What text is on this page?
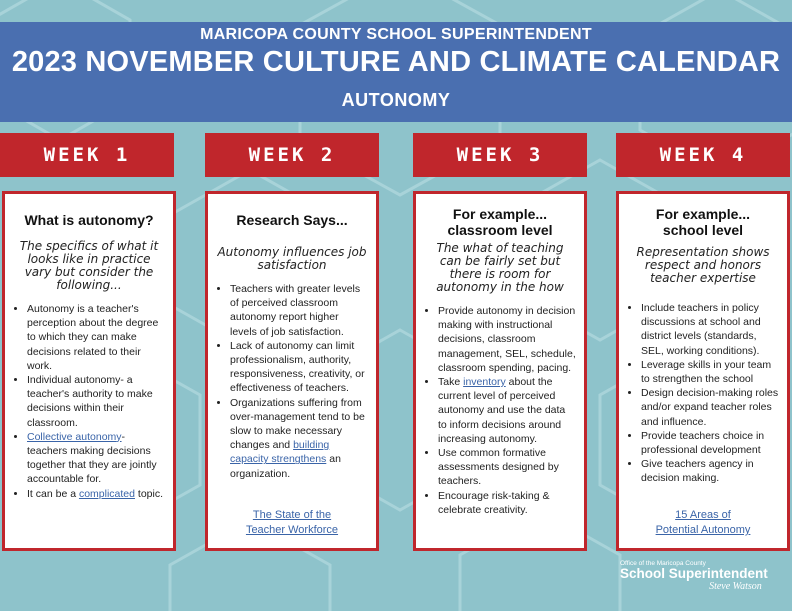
MARICOPA COUNTY SCHOOL SUPERINTENDENT
2023 NOVEMBER CULTURE AND CLIMATE CALENDAR
AUTONOMY
WEEK 1	WEEK 2	WEEK 3	WEEK 4
What is autonomy?
The specifics of what it looks like in practice vary but consider the following...
• Autonomy is a teacher's perception about the degree to which they can make decisions related to their work.
• Individual autonomy- a teacher's authority to make decisions within their classroom.
• Collective autonomy- teachers making decisions together that they are jointly accountable for.
• It can be a complicated topic.
Research Says...
Autonomy influences job satisfaction
• Teachers with greater levels of perceived classroom autonomy report higher levels of job satisfaction.
• Lack of autonomy can limit professionalism, authority, responsiveness, creativity, or effectiveness of teachers.
• Organizations suffering from over-management tend to be slow to make necessary changes and building capacity strengthens an organization.
The State of the
Teacher Workforce
For example...
classroom level
The what of teaching can be fairly set but there is room for autonomy in the how
• Provide autonomy in decision making with instructional decisions, classroom management, SEL, schedule, classroom spending, pacing.
• Take inventory about the current level of perceived autonomy and use the data to inform decisions around increasing autonomy.
• Use common formative assessments designed by teachers.
• Encourage risk-taking & celebrate creativity.
For example...
school level
Representation shows respect and honors teacher expertise
• Include teachers in policy discussions at school and district levels (standards, SEL, working conditions).
• Leverage skills in your team to strengthen the school
• Design decision-making roles and/or expand teacher roles and influence.
• Provide teachers choice in professional development
• Give teachers agency in decision making.
15 Areas of
Potential Autonomy
Office of the Maricopa County
School Superintendent
Steve Watson
